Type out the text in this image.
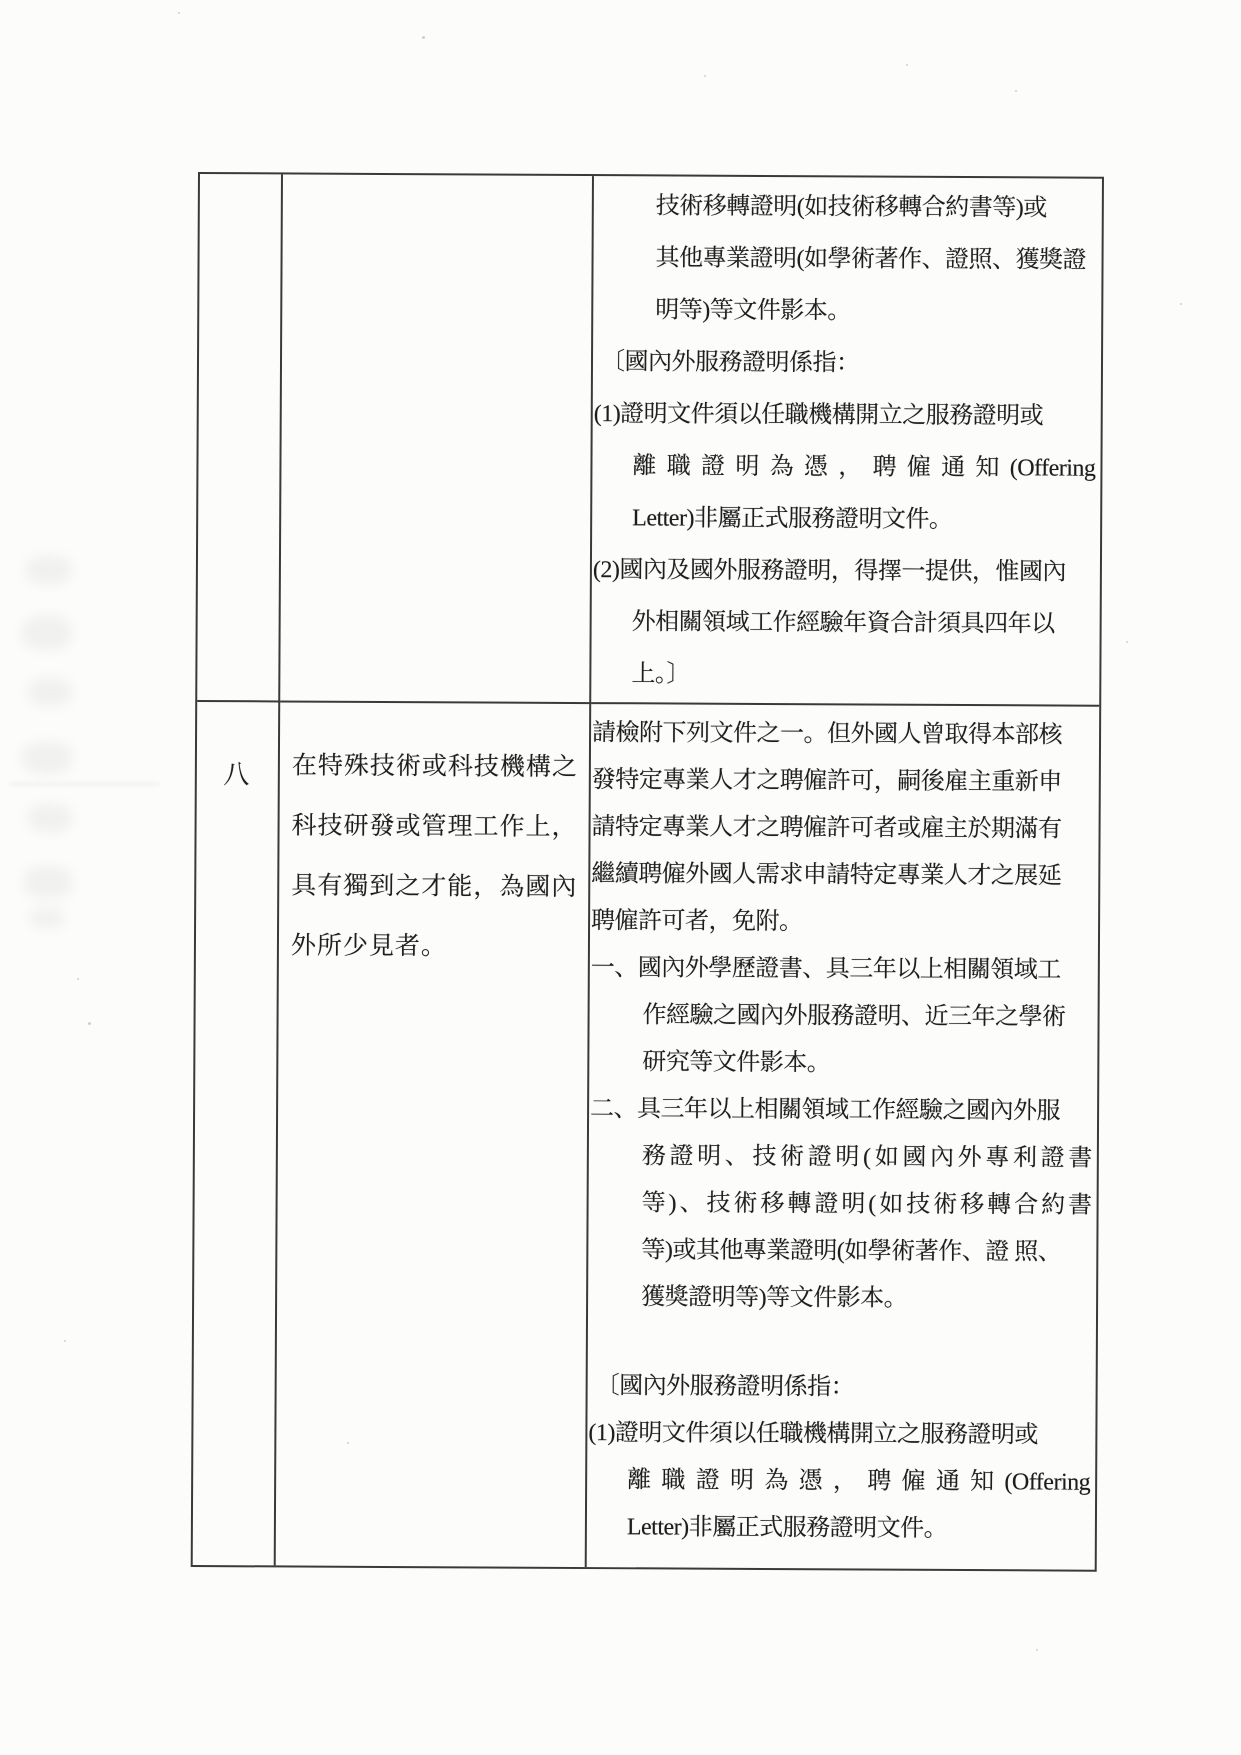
技術移轉證明(如技術移轉合約書等)或
其他專業證明(如學術著作、證照、獲獎證
明等)等文件影本。
〔國內外服務證明係指：
(1)證明文件須以任職機構開立之服務證明或
離職證明為憑，聘僱通知(Offering
Letter)非屬正式服務證明文件。
(2)國內及國外服務證明，得擇一提供，惟國內
外相關領域工作經驗年資合計須具四年以
上。〕
八	在特殊技術或科技機構之
科技研發或管理工作上，
具有獨到之才能，為國內
外所少見者。
請檢附下列文件之一。但外國人曾取得本部核
發特定專業人才之聘僱許可，嗣後雇主重新申
請特定專業人才之聘僱許可者或雇主於期滿有
繼續聘僱外國人需求申請特定專業人才之展延
聘僱許可者，免附。
一、國內外學歷證書、具三年以上相關領域工
作經驗之國內外服務證明、近三年之學術
研究等文件影本。
二、具三年以上相關領域工作經驗之國內外服
務證明、技術證明(如國內外專利證書
等)、技術移轉證明(如技術移轉合約書
等)或其他專業證明(如學術著作、證 照、
獲獎證明等)等文件影本。
〔國內外服務證明係指：
(1)證明文件須以任職機構開立之服務證明或
離職證明為憑，聘僱通知(Offering
Letter)非屬正式服務證明文件。
